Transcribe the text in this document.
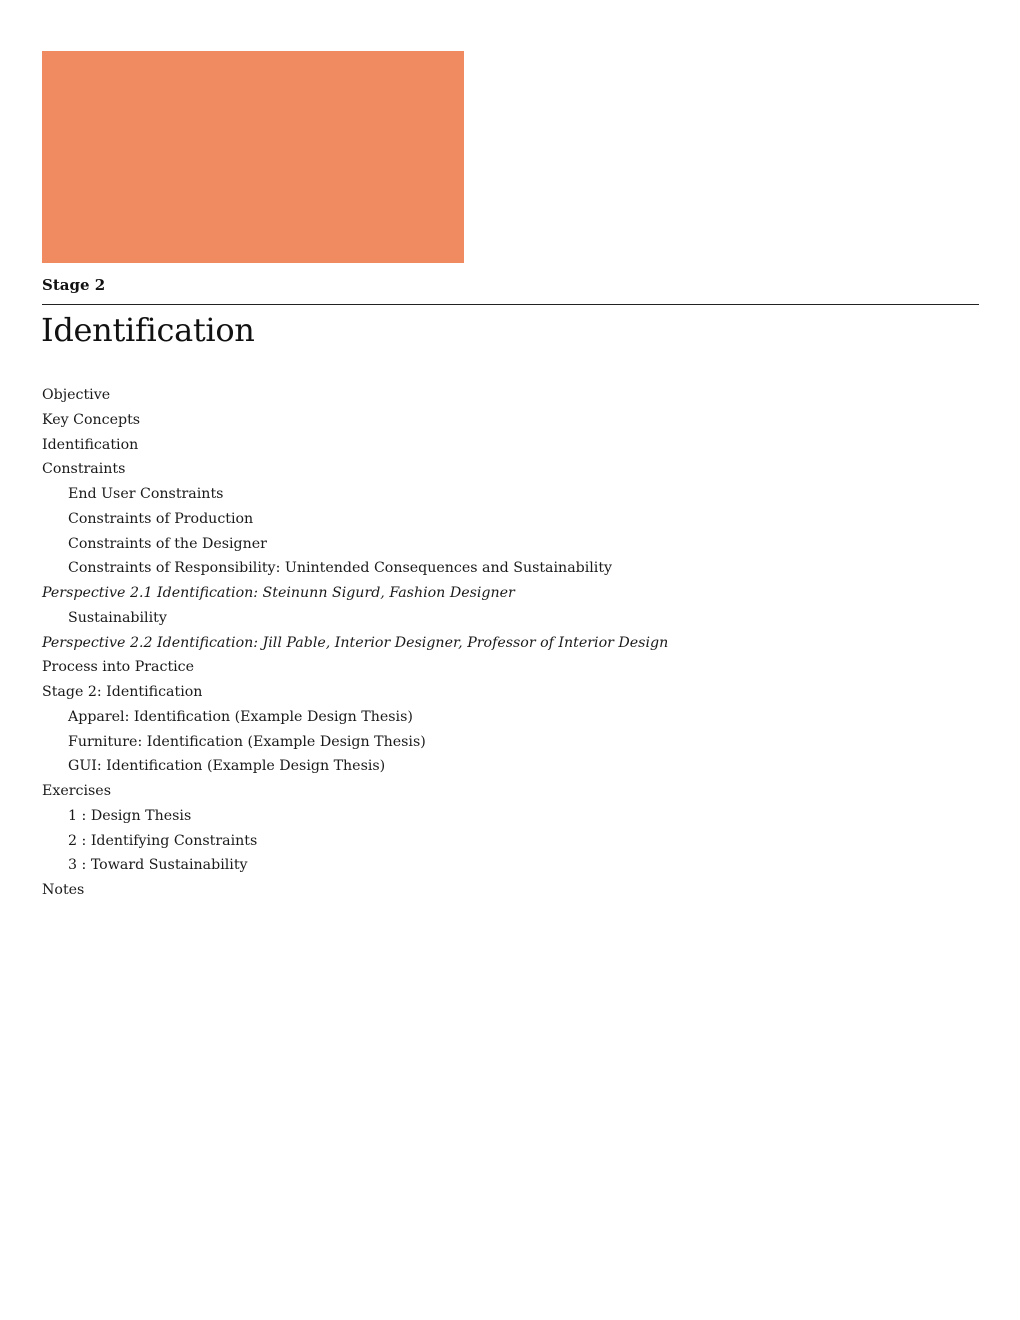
Stage 2
Identification
Objective
Key Concepts
Identification
Constraints
End User Constraints
Constraints of Production
Constraints of the Designer
Constraints of Responsibility: Unintended Consequences and Sustainability
Perspective 2.1 Identification: Steinunn Sigurd, Fashion Designer
Sustainability
Perspective 2.2 Identification: Jill Pable, Interior Designer, Professor of Interior Design
Process into Practice
Stage 2: Identification
Apparel: Identification (Example Design Thesis)
Furniture: Identification (Example Design Thesis)
GUI: Identification (Example Design Thesis)
Exercises
1 : Design Thesis
2 : Identifying Constraints
3 : Toward Sustainability
Notes
